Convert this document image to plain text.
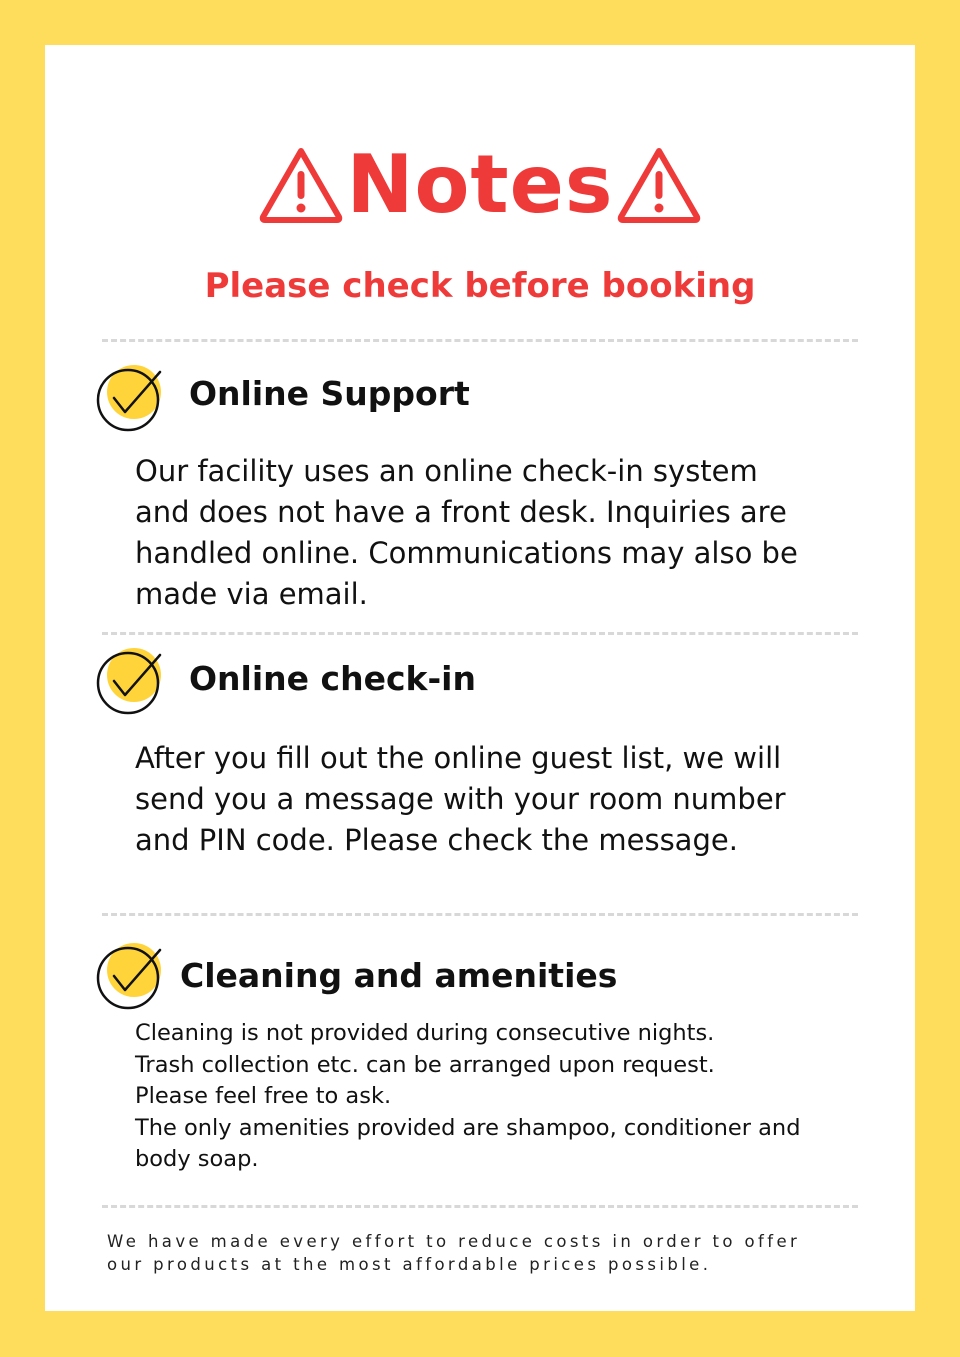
Notes
Please check before booking
Online Support
Our facility uses an online check-in system
and does not have a front desk. Inquiries are
handled online. Communications may also be
made via email.
Online check-in
After you fill out the online guest list, we will
send you a message with your room number
and PIN code. Please check the message.
Cleaning and amenities
Cleaning is not provided during consecutive nights.
Trash collection etc. can be arranged upon request.
Please feel free to ask.
The only amenities provided are shampoo, conditioner and
body soap.
We have made every effort to reduce costs in order to offer
our products at the most affordable prices possible.
